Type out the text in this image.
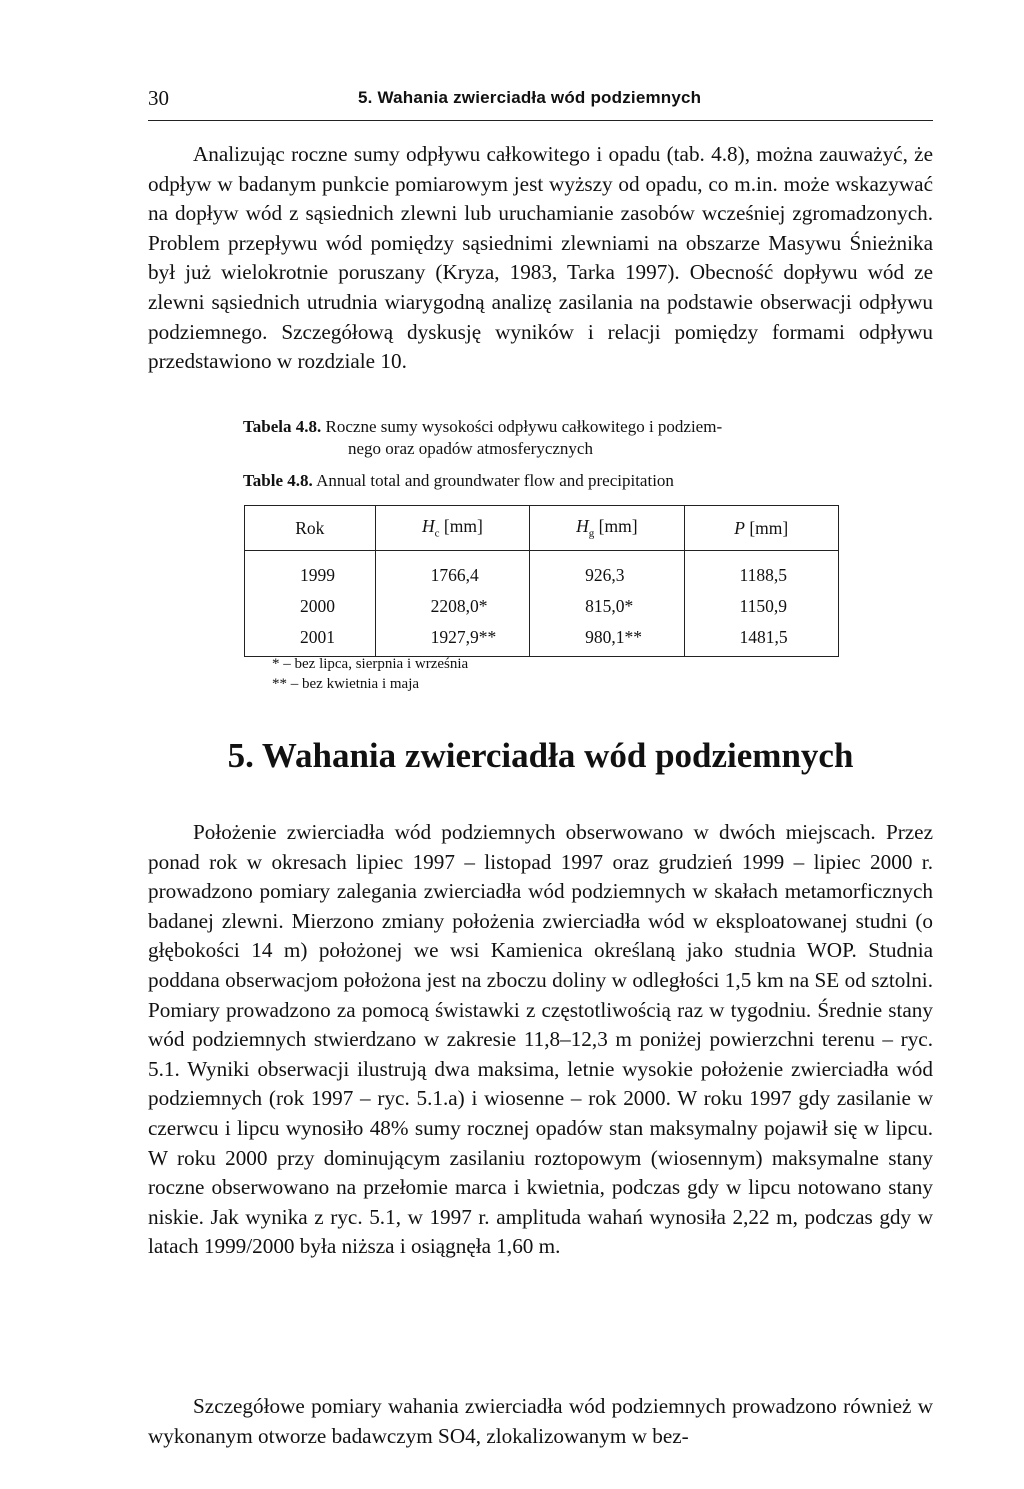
30	5. Wahania zwierciadła wód podziemnych

Analizując roczne sumy odpływu całkowitego i opadu (tab. 4.8), można zauważyć, że odpływ w badanym punkcie pomiarowym jest wyższy od opadu, co m.in. może wskazywać na dopływ wód z sąsiednich zlewni lub uruchamianie zasobów wcześniej zgromadzonych. Problem przepływu wód pomiędzy sąsiednimi zlewniami na obszarze Masywu Śnieżnika był już wielokrotnie poruszany (Kryza, 1983, Tarka 1997). Obecność dopływu wód ze zlewni sąsiednich utrudnia wiarygodną analizę zasilania na podstawie obserwacji odpływu podziemnego. Szczegółową dyskusję wyników i relacji pomiędzy formami odpływu przedstawiono w rozdziale 10.

Tabela 4.8. Roczne sumy wysokości odpływu całkowitego i podziem-
nego oraz opadów atmosferycznych
Table 4.8. Annual total and groundwater flow and precipitation
Rok	$H_c$ [mm]	$H_g$ [mm]	P [mm]
1999	1766,4	926,3	1188,5
2000	2208,0*	815,0*	1150,9
2001	1927,9**	980,1**	1481,5
* – bez lipca, sierpnia i września
** – bez kwietnia i maja
5. Wahania zwierciadła wód podziemnych

Położenie zwierciadła wód podziemnych obserwowano w dwóch miejscach. Przez ponad rok w okresach lipiec 1997 – listopad 1997 oraz grudzień 1999 – lipiec 2000 r. prowadzono pomiary zalegania zwierciadła wód podziemnych w skałach metamorficznych badanej zlewni. Mierzono zmiany położenia zwierciadła wód w eksploatowanej studni (o głębokości 14 m) położonej we wsi Kamienica określaną jako studnia WOP. Studnia poddana obserwacjom położona jest na zboczu doliny w odległości 1,5 km na SE od sztolni. Pomiary prowadzono za pomocą świstawki z częstotliwością raz w tygodniu. Średnie stany wód podziemnych stwierdzano w zakresie 11,8–12,3 m poniżej powierzchni terenu – ryc. 5.1. Wyniki obserwacji ilustrują dwa maksima, letnie wysokie położenie zwierciadła wód podziemnych (rok 1997 – ryc. 5.1.a) i wiosenne – rok 2000. W roku 1997 gdy zasilanie w czerwcu i lipcu wynosiło 48% sumy rocznej opadów stan maksymalny pojawił się w lipcu. W roku 2000 przy dominującym zasilaniu roztopowym (wiosennym) maksymalne stany roczne obserwowano na przełomie marca i kwietnia, podczas gdy w lipcu notowano stany niskie. Jak wynika z ryc. 5.1, w 1997 r. amplituda wahań wynosiła 2,22 m, podczas gdy w latach 1999/2000 była niższa i osiągnęła 1,60 m.

Szczegółowe pomiary wahania zwierciadła wód podziemnych prowadzono również w wykonanym otworze badawczym SO4, zlokalizowanym w bez-
